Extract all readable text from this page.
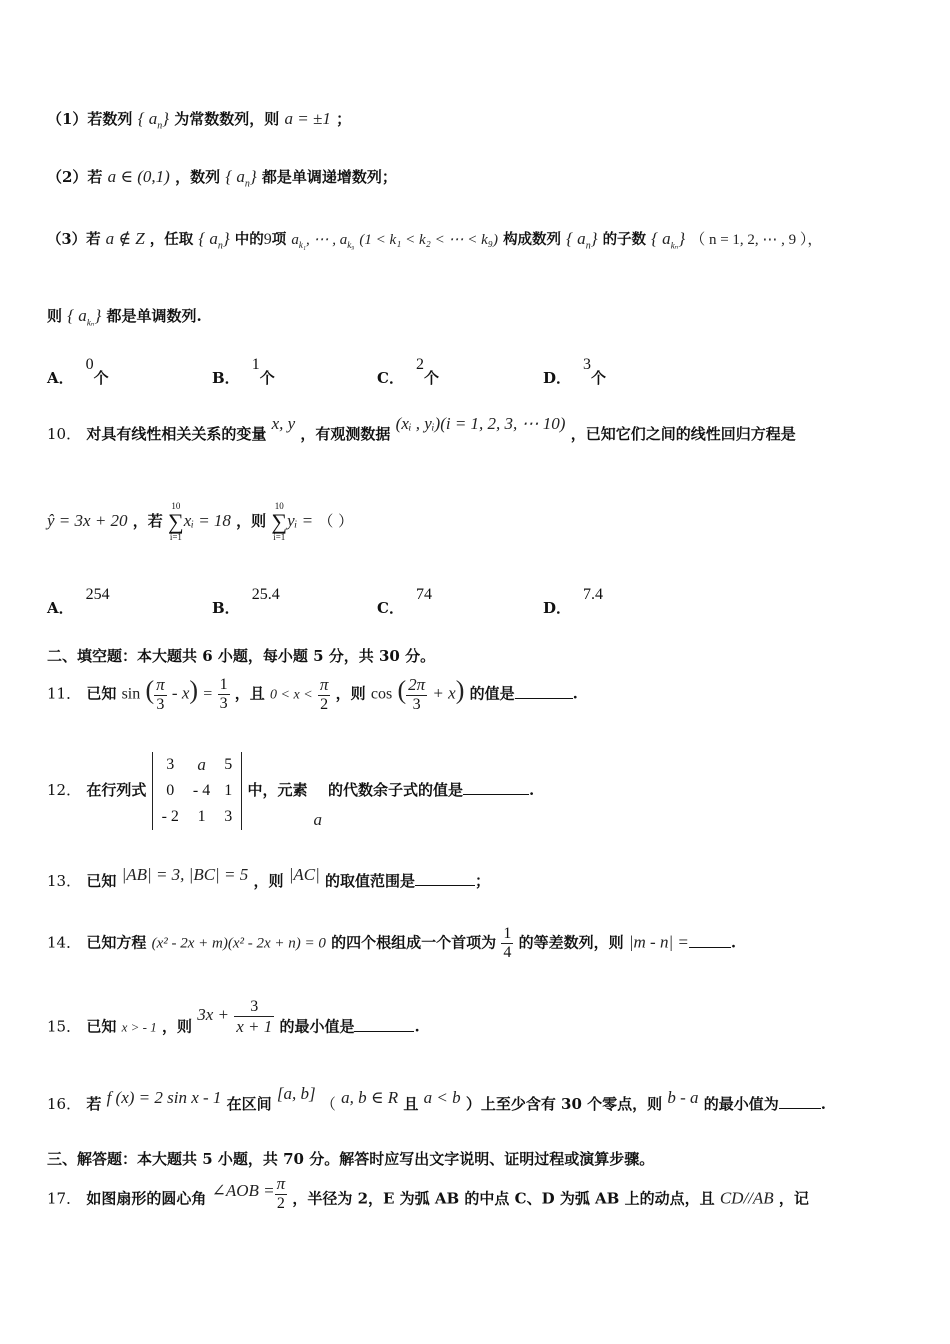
（1）若数列 { $a_n$} 为常数数列，则 a = ±1 ；
（2）若 a ∈ (0,1) ，数列 { $a_n$} 都是单调递增数列；
（3）若 a ∉ Z ，任取 { $a_n$} 中的9项 $a_{k_1}$, ⋯ , $a_{k_9}$ (1 < k₁ < k₂ < ⋯ < k₉) 构成数列 { $a_n$} 的子数 { $a_{k_n}$} （ n = 1, 2, ⋯ , 9 ），
则 { $a_{k_n}$} 都是单调数列.
A．0个	B．1个	C．2个	D．3个
10． 对具有线性相关关系的变量 x, y ，有观测数据 (xᵢ , yᵢ)(i = 1, 2, 3, ⋯ 10) ，已知它们之间的线性回归方程是
ŷ = 3x + 20 ，若
10
∑
i=1
xᵢ = 18 ，则
10
∑
i=1
yᵢ = （ ）
A．254
B．25.4
C．74
D．7.4
二、填空题：本大题共 6 小题，每小题 5 分，共 30 分。
11． 已知 sin ( $\frac{\pi}{3} - x) = \frac{1}{3}$ ，且 $0 < x < \frac{\pi}{2}$ ，则 cos ( $\frac{2\pi}{3} + x$) 的值是	.
12． 在行列式
3	a	5
0	- 4	1
- 2	1	3
中，元素a的代数余子式的值是	.
13． 已知 |AB| = 3, |BC| = 5 ，则 |AC| 的取值范围是	；
14． 已知方程 (x² - 2x + m)(x² - 2x + n) = 0 的四个根组成一个首项为 $\frac{1}{4}$ 的等差数列，则 |m - n| =	.
15． 已知 x > - 1 ，则 $3x + \frac{3}{x + 1}$ 的最小值是	.
16． 若 f (x) = 2 sin x - 1 在区间 [a, b] （ a, b ∈ R 且 a < b ）上至少含有 30 个零点，则 b - a 的最小值为	.
三、解答题：本大题共 5 小题，共 70 分。解答时应写出文字说明、证明过程或演算步骤。
17． 如图扇形的圆心角 ∠AOB = $\frac{\pi}{2}$ ，半径为 2，E 为弧 AB 的中点 C、D 为弧 AB 上的动点，且 CD//AB ，记
